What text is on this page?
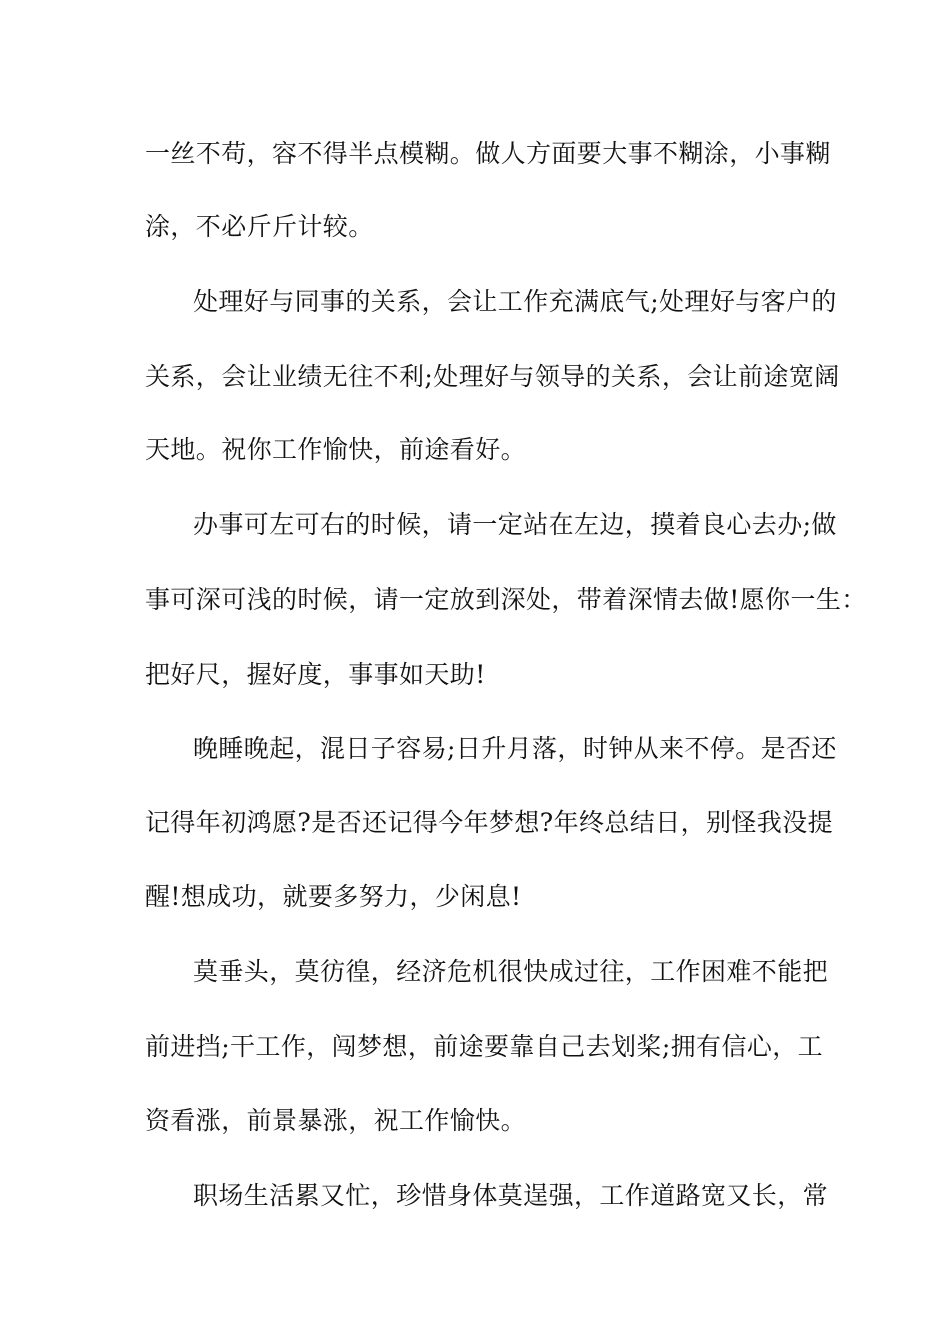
一丝不苟，容不得半点模糊。做人方面要大事不糊涂，小事糊
涂，不必斤斤计较。
处理好与同事的关系，会让工作充满底气;处理好与客户的
关系，会让业绩无往不利;处理好与领导的关系，会让前途宽阔
天地。祝你工作愉快，前途看好。
办事可左可右的时候，请一定站在左边，摸着良心去办;做
事可深可浅的时候，请一定放到深处，带着深情去做!愿你一生：
把好尺，握好度，事事如天助!
晚睡晚起，混日子容易;日升月落，时钟从来不停。是否还
记得年初鸿愿?是否还记得今年梦想?年终总结日，别怪我没提
醒!想成功，就要多努力，少闲息!
莫垂头，莫彷徨，经济危机很快成过往，工作困难不能把
前进挡;干工作，闯梦想，前途要靠自己去划桨;拥有信心，工
资看涨，前景暴涨，祝工作愉快。
职场生活累又忙，珍惜身体莫逞强，工作道路宽又长，常
